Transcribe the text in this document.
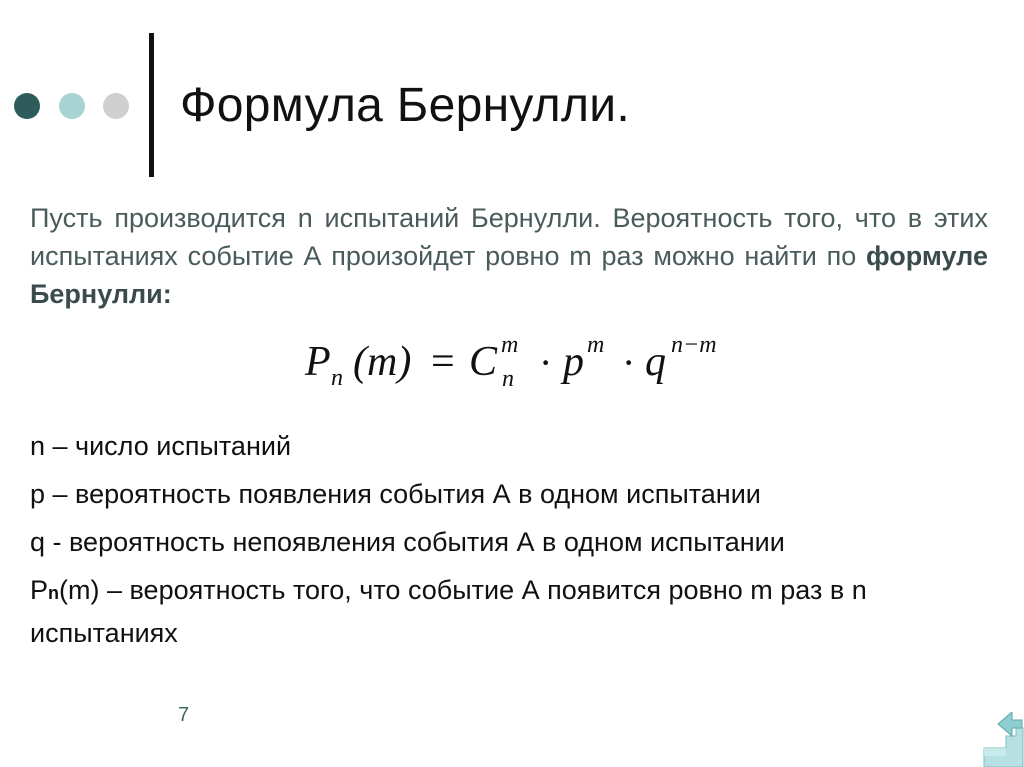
Формула Бернулли.
Пусть производится n испытаний Бернулли. Вероятность того, что в этих испытаниях событие А произойдет ровно m раз можно найти по формуле Бернулли:
P n (m) = C m
n · p m · q n−m
n – число испытаний
p – вероятность появления события А в одном испытании
q - вероятность непоявления события А в одном испытании
Pn(m) – вероятность того, что событие А появится ровно m раз в n испытаниях
7
